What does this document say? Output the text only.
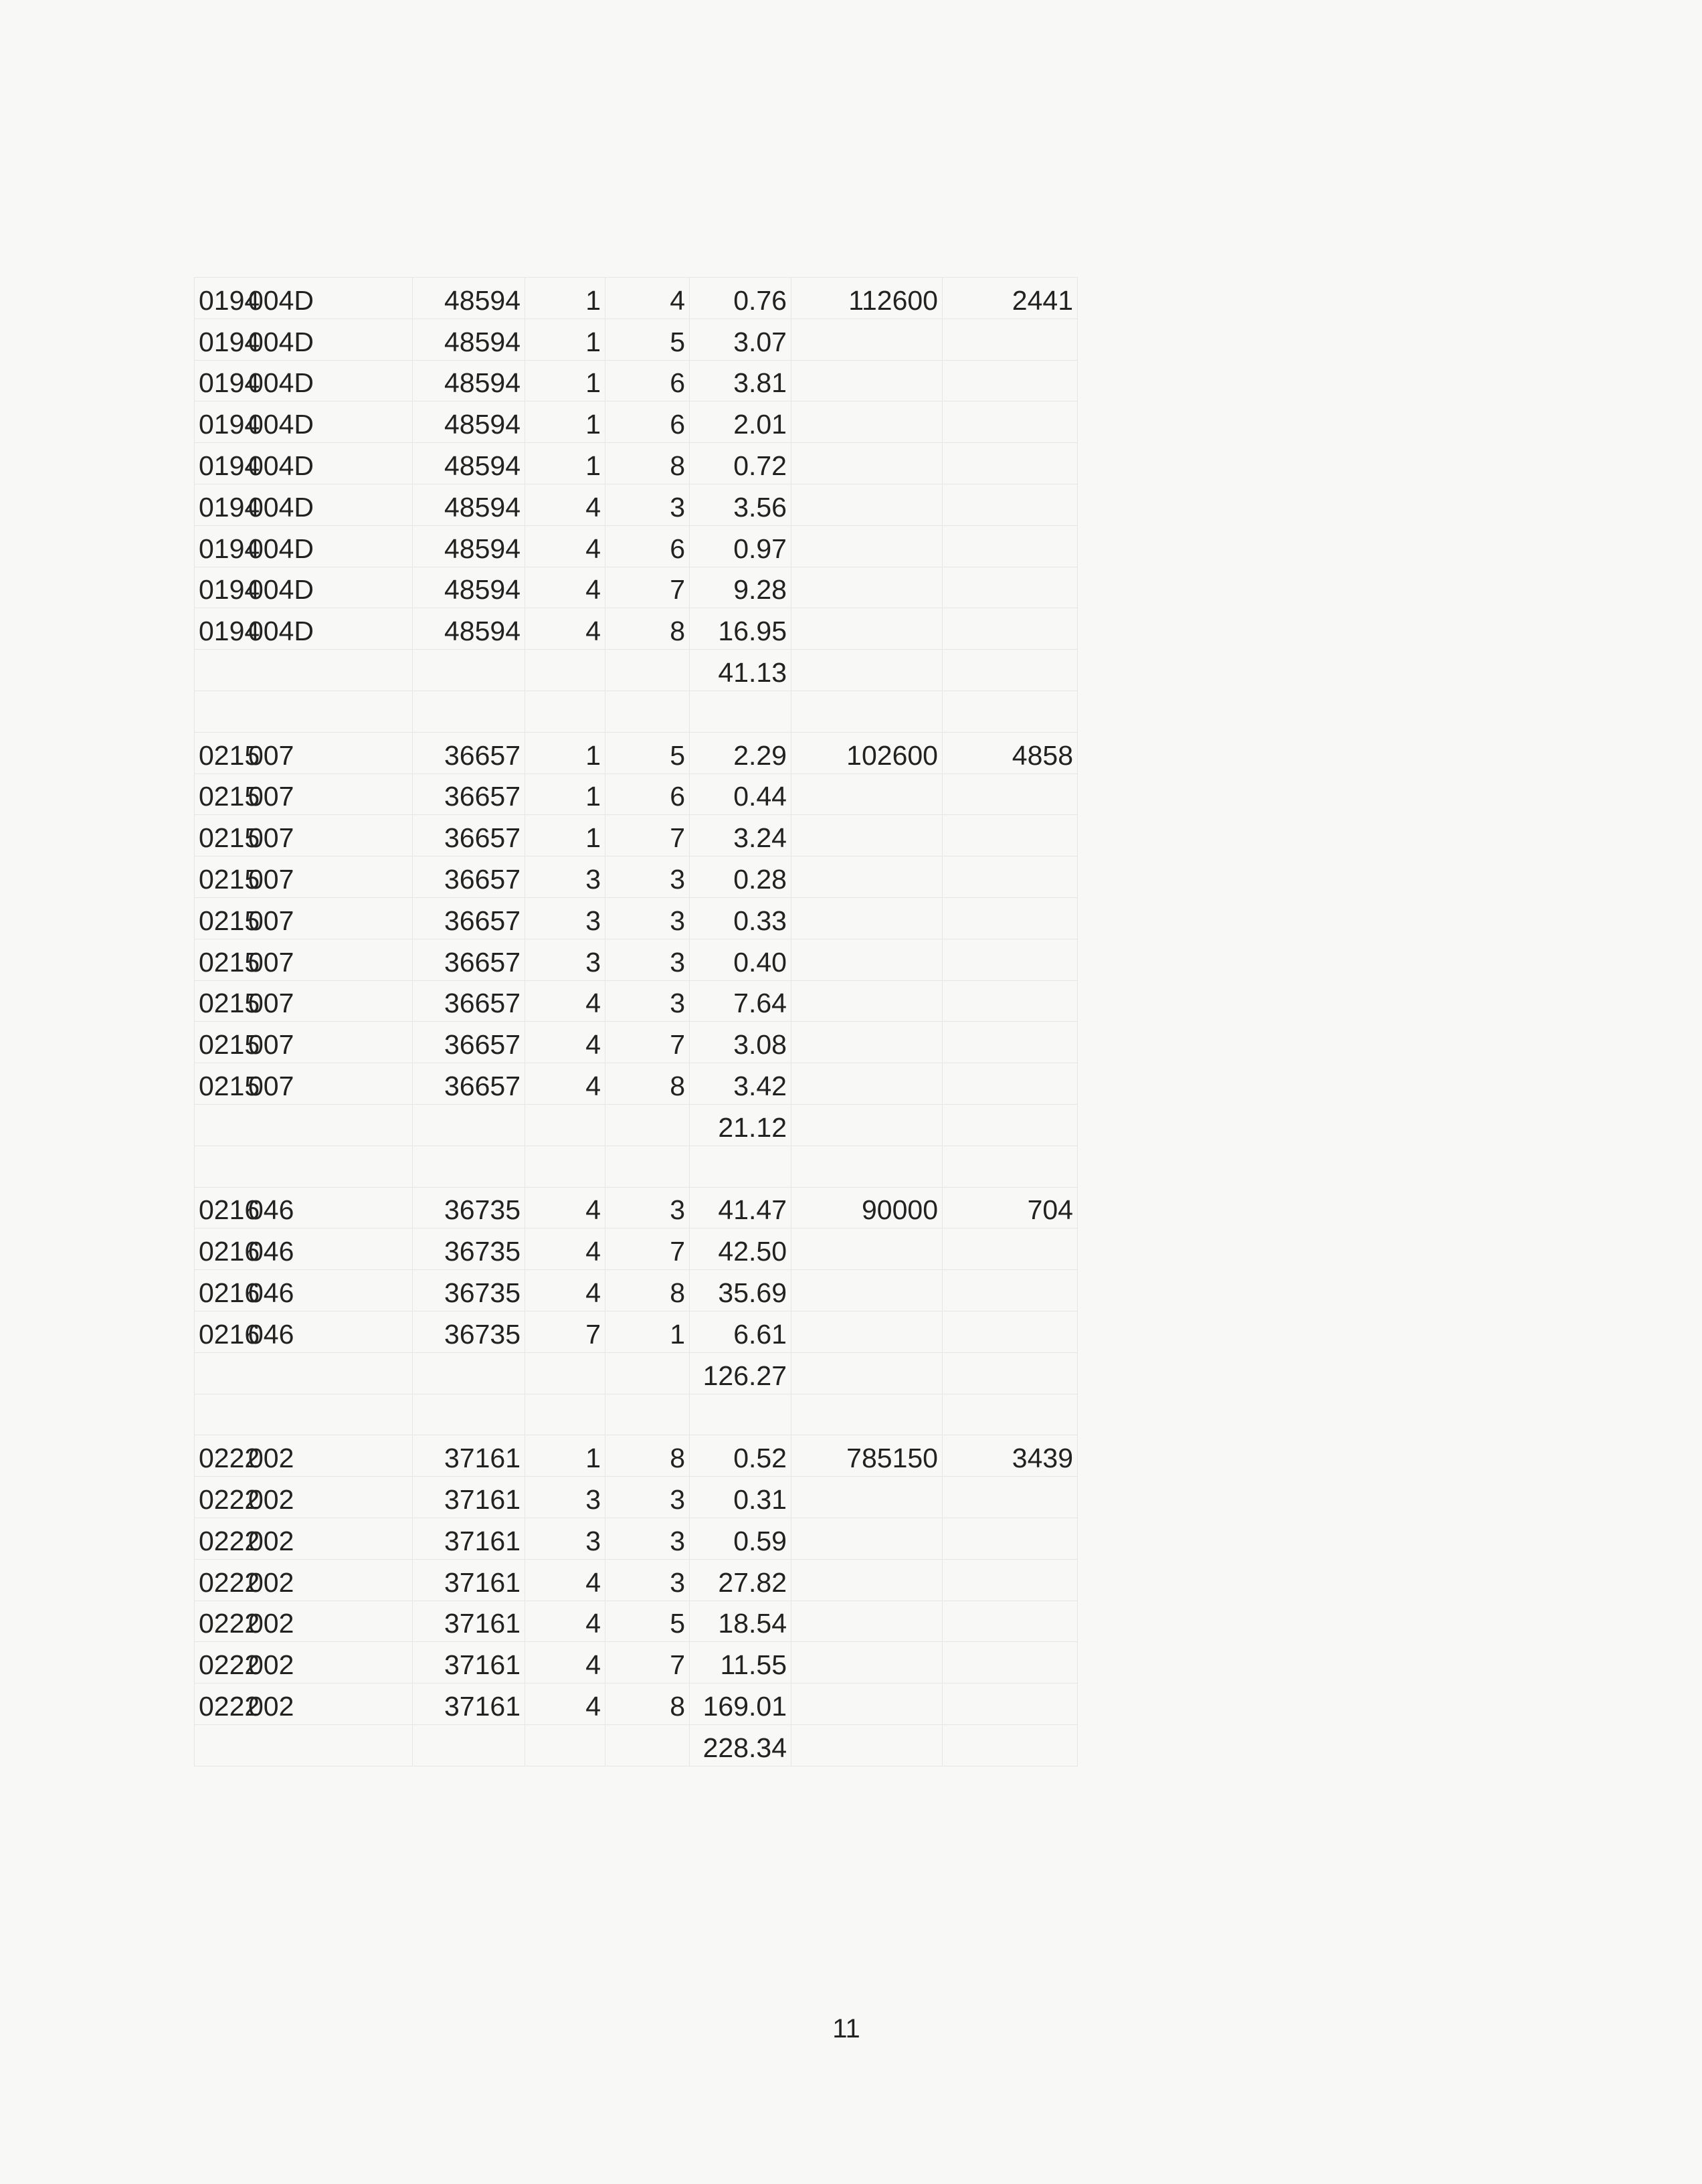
0194004D	48594	1	4	0.76	112600	2441
0194004D	48594	1	5	3.07		
0194004D	48594	1	6	3.81		
0194004D	48594	1	6	2.01		
0194004D	48594	1	8	0.72		
0194004D	48594	4	3	3.56		
0194004D	48594	4	6	0.97		
0194004D	48594	4	7	9.28		
0194004D	48594	4	8	16.95		
				41.13		

0215007	36657	1	5	2.29	102600	4858
0215007	36657	1	6	0.44		
0215007	36657	1	7	3.24		
0215007	36657	3	3	0.28		
0215007	36657	3	3	0.33		
0215007	36657	3	3	0.40		
0215007	36657	4	3	7.64		
0215007	36657	4	7	3.08		
0215007	36657	4	8	3.42		
				21.12		

0216046	36735	4	3	41.47	90000	704
0216046	36735	4	7	42.50		
0216046	36735	4	8	35.69		
0216046	36735	7	1	6.61		
				126.27		

0222002	37161	1	8	0.52	785150	3439
0222002	37161	3	3	0.31		
0222002	37161	3	3	0.59		
0222002	37161	4	3	27.82		
0222002	37161	4	5	18.54		
0222002	37161	4	7	11.55		
0222002	37161	4	8	169.01		
				228.34		
11
